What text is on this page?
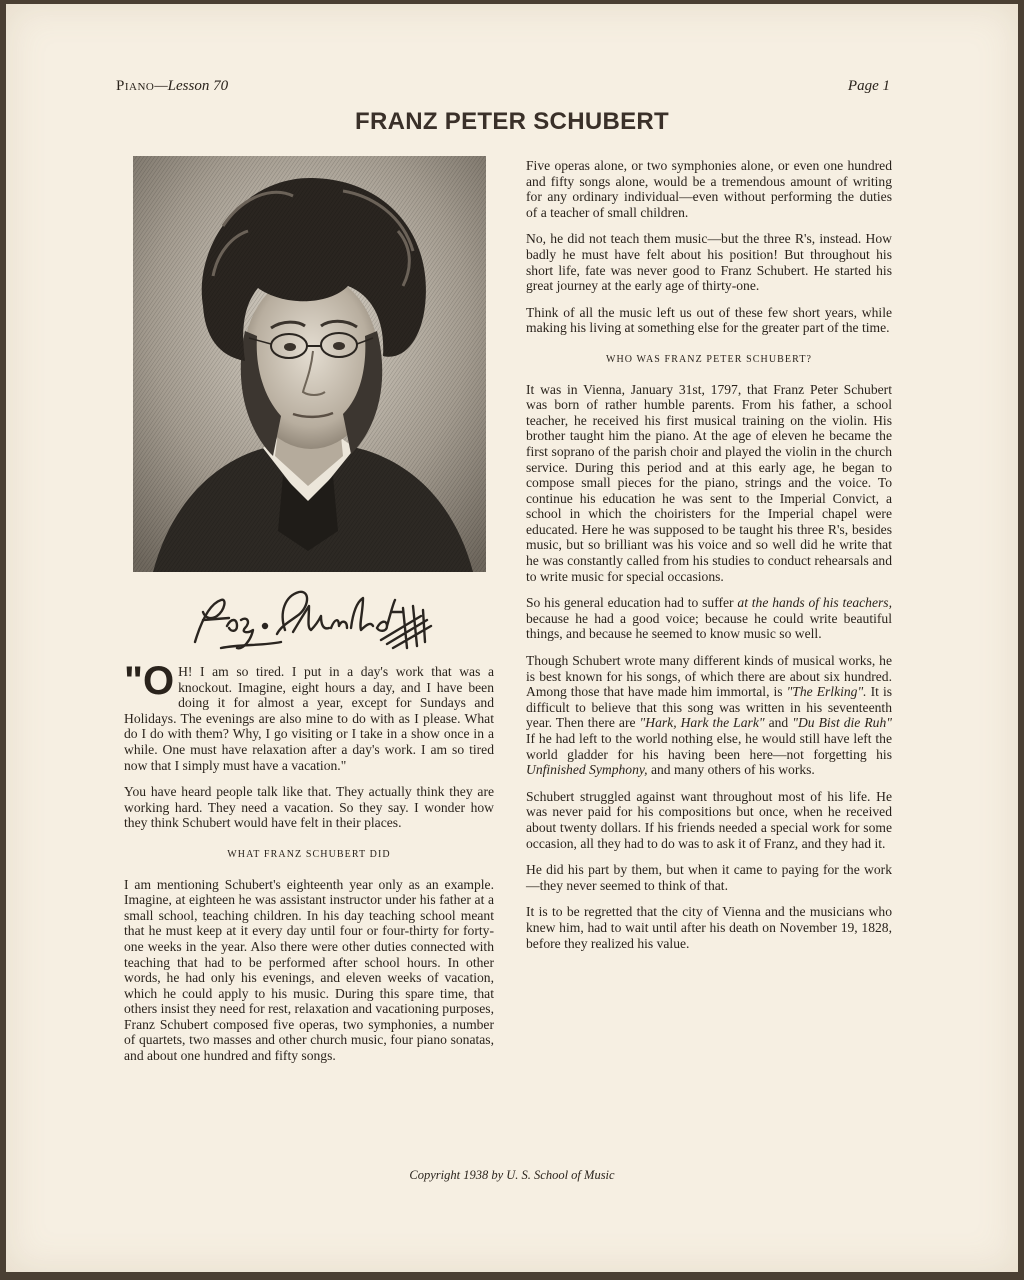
Piano—Lesson 70	Page 1
FRANZ PETER SCHUBERT

"O H! I am so tired. I put in a day's work that was a knockout. Imagine, eight hours a day, and I have been doing it for almost a year, except for Sundays and Holidays. The evenings are also mine to do with as I please. What do I do with them? Why, I go visiting or I take in a show once in a while. One must have relaxation after a day's work. I am so tired now that I simply must have a vacation."

You have heard people talk like that. They actually think they are working hard. They need a vacation. So they say. I wonder how they think Schubert would have felt in their places.

WHAT FRANZ SCHUBERT DID

I am mentioning Schubert's eighteenth year only as an example. Imagine, at eighteen he was assistant instructor under his father at a small school, teaching children. In his day teaching school meant that he must keep at it every day until four or four-thirty for forty-one weeks in the year. Also there were other duties connected with teaching that had to be performed after school hours. In other words, he had only his evenings, and eleven weeks of vacation, which he could apply to his music. During this spare time, that others insist they need for rest, relaxation and vacationing purposes, Franz Schubert composed five operas, two symphonies, a number of quartets, two masses and other church music, four piano sonatas, and about one hundred and fifty songs.

Five operas alone, or two symphonies alone, or even one hundred and fifty songs alone, would be a tremendous amount of writing for any ordinary individual—even without performing the duties of a teacher of small children.

No, he did not teach them music—but the three R's, instead. How badly he must have felt about his position! But throughout his short life, fate was never good to Franz Schubert. He started his great journey at the early age of thirty-one.

Think of all the music left us out of these few short years, while making his living at something else for the greater part of the time.

WHO WAS FRANZ PETER SCHUBERT?

It was in Vienna, January 31st, 1797, that Franz Peter Schubert was born of rather humble parents. From his father, a school teacher, he received his first musical training on the violin. His brother taught him the piano. At the age of eleven he became the first soprano of the parish choir and played the violin in the church service. During this period and at this early age, he began to compose small pieces for the piano, strings and the voice. To continue his education he was sent to the Imperial Convict, a school in which the choiristers for the Imperial chapel were educated. Here he was supposed to be taught his three R's, besides music, but so brilliant was his voice and so well did he write that he was constantly called from his studies to conduct rehearsals and to write music for special occasions.

So his general education had to suffer at the hands of his teachers, because he had a good voice; because he could write beautiful things, and because he seemed to know music so well.

Though Schubert wrote many different kinds of musical works, he is best known for his songs, of which there are about six hundred. Among those that have made him immortal, is "The Erlking". It is difficult to believe that this song was written in his seventeenth year. Then there are "Hark, Hark the Lark" and "Du Bist die Ruh" If he had left to the world nothing else, he would still have left the world gladder for his having been here—not forgetting his Unfinished Symphony, and many others of his works.

Schubert struggled against want throughout most of his life. He was never paid for his compositions but once, when he received about twenty dollars. If his friends needed a special work for some occasion, all they had to do was to ask it of Franz, and they had it.

He did his part by them, but when it came to paying for the work—they never seemed to think of that.

It is to be regretted that the city of Vienna and the musicians who knew him, had to wait until after his death on November 19, 1828, before they realized his value.

Copyright 1938 by U. S. School of Music
